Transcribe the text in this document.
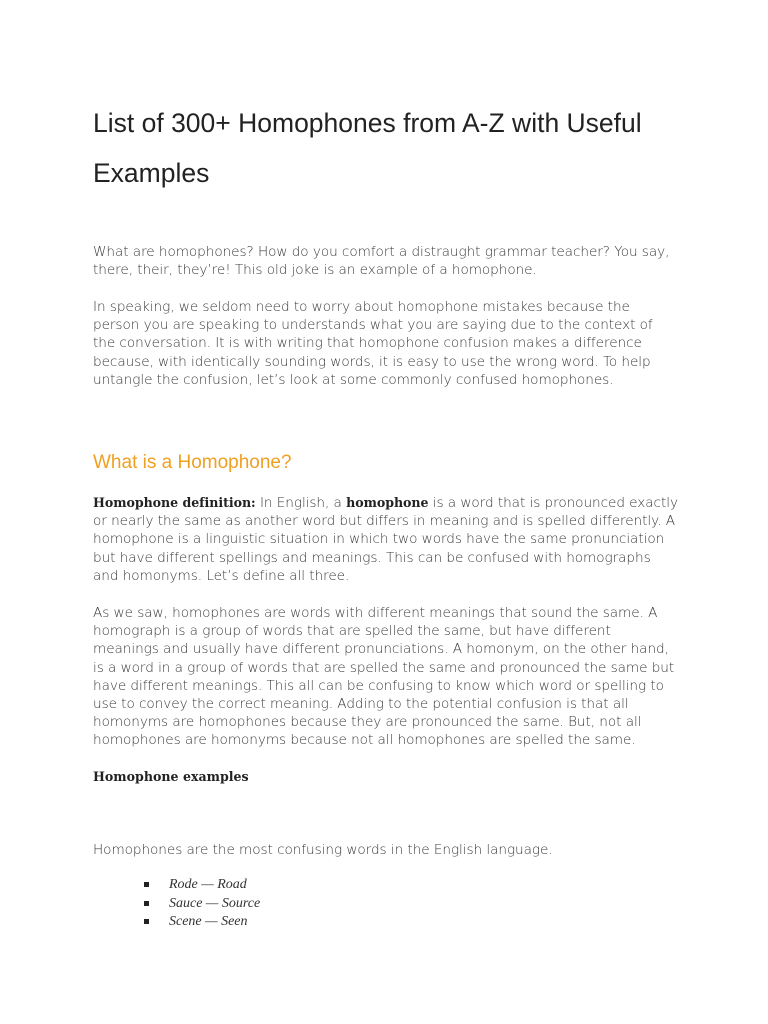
List of 300+ Homophones from A-Z with Useful Examples

What are homophones? How do you comfort a distraught grammar teacher? You say, there, their, they’re! This old joke is an example of a homophone.

In speaking, we seldom need to worry about homophone mistakes because the person you are speaking to understands what you are saying due to the context of the conversation. It is with writing that homophone confusion makes a difference because, with identically sounding words, it is easy to use the wrong word. To help untangle the confusion, let’s look at some commonly confused homophones.

What is a Homophone?

Homophone definition: In English, a homophone is a word that is pronounced exactly or nearly the same as another word but differs in meaning and is spelled differently. A homophone is a linguistic situation in which two words have the same pronunciation but have different spellings and meanings. This can be confused with homographs and homonyms. Let’s define all three.

As we saw, homophones are words with different meanings that sound the same. A homograph is a group of words that are spelled the same, but have different meanings and usually have different pronunciations. A homonym, on the other hand, is a word in a group of words that are spelled the same and pronounced the same but have different meanings. This all can be confusing to know which word or spelling to use to convey the correct meaning. Adding to the potential confusion is that all homonyms are homophones because they are pronounced the same. But, not all homophones are homonyms because not all homophones are spelled the same.

Homophone examples

Homophones are the most confusing words in the English language.

Rode — Road
Sauce — Source
Scene — Seen
